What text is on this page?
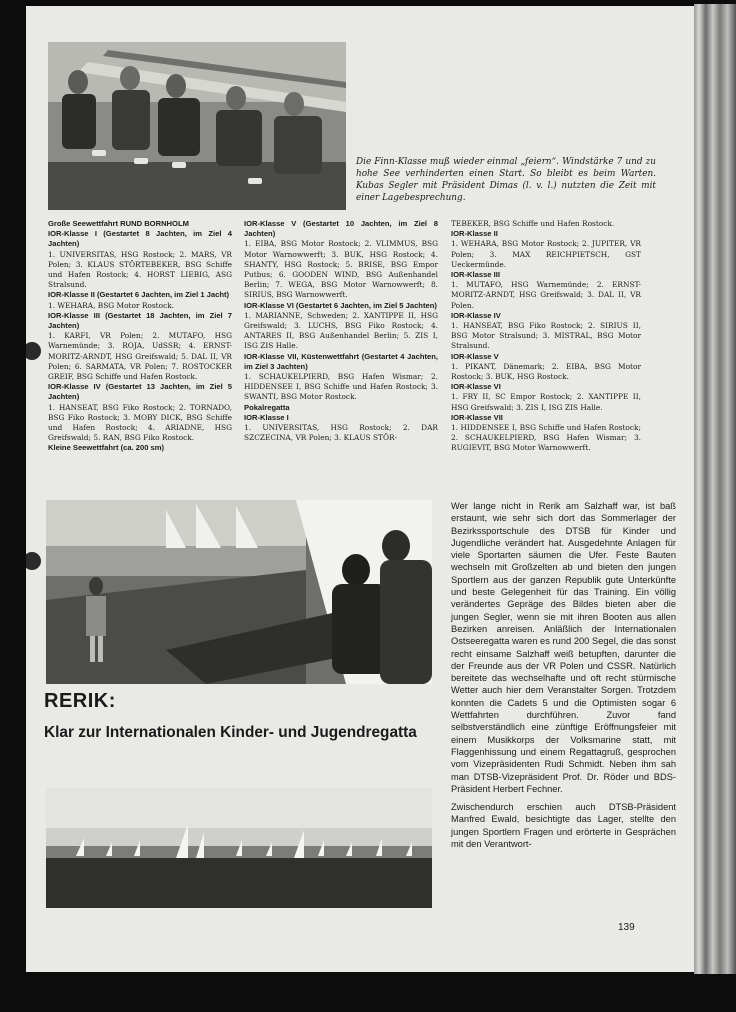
Die Finn-Klasse muß wieder einmal „feiern“. Windstärke 7 und zu hohe See verhinderten einen Start. So bleibt es beim Warten. Kubas Segler mit Präsident Dimas (l. v. l.) nutzten die Zeit mit einer Lagebesprechung.

Große Seewettfahrt RUND BORNHOLM

IOR-Klasse I (Gestartet 8 Jachten, im Ziel 4 Jachten)

1. UNIVERSITAS, HSG Rostock; 2. MARS, VR Polen; 3. KLAUS STÖRTEBEKER, BSG Schiffe und Hafen Rostock; 4. HORST LIEBIG, ASG Stralsund.

IOR-Klasse II (Gestartet 6 Jachten, im Ziel 1 Jacht)

1. WEHARA, BSG Motor Rostock.

IOR-Klasse III (Gestartet 18 Jachten, im Ziel 7 Jachten)

1. KARFI, VR Polen; 2. MUTAFO, HSG Warnemünde; 3. ROJA, UdSSR; 4. ERNST-MORITZ-ARNDT, HSG Greifswald; 5. DAL II, VR Polen; 6. SARMATA, VR Polen; 7. ROSTOCKER GREIF, BSG Schiffe und Hafen Rostock.

IOR-Klasse IV (Gestartet 13 Jachten, im Ziel 5 Jachten)

1. HANSEAT, BSG Fiko Rostock; 2. TORNADO, BSG Fiko Rostock; 3. MOBY DICK, BSG Schiffe und Hafen Rostock; 4. ARIADNE, HSG Greifswald; 5. RAN, BSG Fiko Rostock.

Kleine Seewettfahrt (ca. 200 sm)

IOR-Klasse V (Gestartet 10 Jachten, im Ziel 8 Jachten)

1. EIBA, BSG Motor Rostock; 2. VLIMMUS, BSG Motor Warnowwerft; 3. BUK, HSG Rostock; 4. SHANTY, HSG Rostock; 5. BRISE, BSG Empor Putbus; 6. GOODEN WIND, BSG Außenhandel Berlin; 7. WEGA, BSG Motor Warnowwerft; 8. SIRIUS, BSG Warnowwerft.

IOR-Klasse VI (Gestartet 6 Jachten, im Ziel 5 Jachten)

1. MARIANNE, Schweden; 2. XANTIPPE II, HSG Greifswald; 3. LUCHS, BSG Fiko Rostock; 4. ANTARES II, BSG Außenhandel Berlin; 5. ZIS I, ISG ZIS Halle.

IOR-Klasse VII, Küstenwettfahrt (Gestartet 4 Jachten, im Ziel 3 Jachten)

1. SCHAUKELPIERD, BSG Hafen Wismar; 2. HIDDENSEE I, BSG Schiffe und Hafen Rostock; 3. SWANTI, BSG Motor Rostock.

Pokalregatta

IOR-Klasse I

1. UNIVERSITAS, HSG Rostock; 2. DAR SZCZECINA, VR Polen; 3. KLAUS STÖR-

TEBEKER, BSG Schiffe und Hafen Rostock.

IOR-Klasse II

1. WEHARA, BSG Motor Rostock; 2. JUPITER, VR Polen; 3. MAX REICHPIETSCH, GST Ueckermünde.

IOR-Klasse III

1. MUTAFO, HSG Warnemünde; 2. ERNST-MORITZ-ARNDT, HSG Greifswald; 3. DAL II, VR Polen.

IOR-Klasse IV

1. HANSEAT, BSG Fiko Rostock; 2. SIRIUS II, BSG Motor Stralsund; 3. MISTRAL, BSG Motor Stralsund.

IOR-Klasse V

1. PIKANT, Dänemark; 2. EIBA, BSG Motor Rostock; 3. BUK, HSG Rostock.

IOR-Klasse VI

1. FRY II, SC Empor Rostock; 2. XANTIPPE II, HSG Greifswald; 3. ZIS I, ISG ZIS Halle.

IOR-Klasse VII

1. HIDDENSEE I, BSG Schiffe und Hafen Rostock; 2. SCHAUKELPIERD, BSG Hafen Wismar; 3. RUGIEVIT, BSG Motor Warnowwerft.

RERIK:
Klar zur Internationalen Kinder- und Jugendregatta

Wer lange nicht in Rerik am Salzhaff war, ist baß erstaunt, wie sehr sich dort das Sommerlager der Bezirkssportschule des DTSB für Kinder und Jugendliche verändert hat. Ausgedehnte Anlagen für viele Sportarten säumen die Ufer. Feste Bauten wechseln mit Großzelten ab und bieten den jungen Sportlern aus der ganzen Republik gute Unterkünfte und beste Gelegenheit für das Training. Ein völlig verändertes Gepräge des Bildes bieten aber die jungen Segler, wenn sie mit ihren Booten aus allen Bezirken anreisen. Anläßlich der Internationalen Ostseeregatta waren es rund 200 Segel, die das sonst recht einsame Salzhaff weiß betupften, darunter die der Freunde aus der VR Polen und CSSR. Natürlich bereitete das wechselhafte und oft recht stürmische Wetter auch hier dem Veranstalter Sorgen. Trotzdem konnten die Cadets 5 und die Optimisten sogar 6 Wettfahrten durchführen. Zuvor fand selbstverständlich eine zünftige Eröffnungsfeier mit einem Musikkorps der Volksmarine statt, mit Flaggenhissung und einem Regattagruß, gesprochen vom Vizepräsidenten Rudi Schmidt. Neben ihm sah man DTSB-Vizepräsident Prof. Dr. Röder und BDS-Präsident Herbert Fechner.

Zwischendurch erschien auch DTSB-Präsident Manfred Ewald, besichtigte das Lager, stellte den jungen Sportlern Fragen und erörterte in Gesprächen mit den Verantwort-

139
